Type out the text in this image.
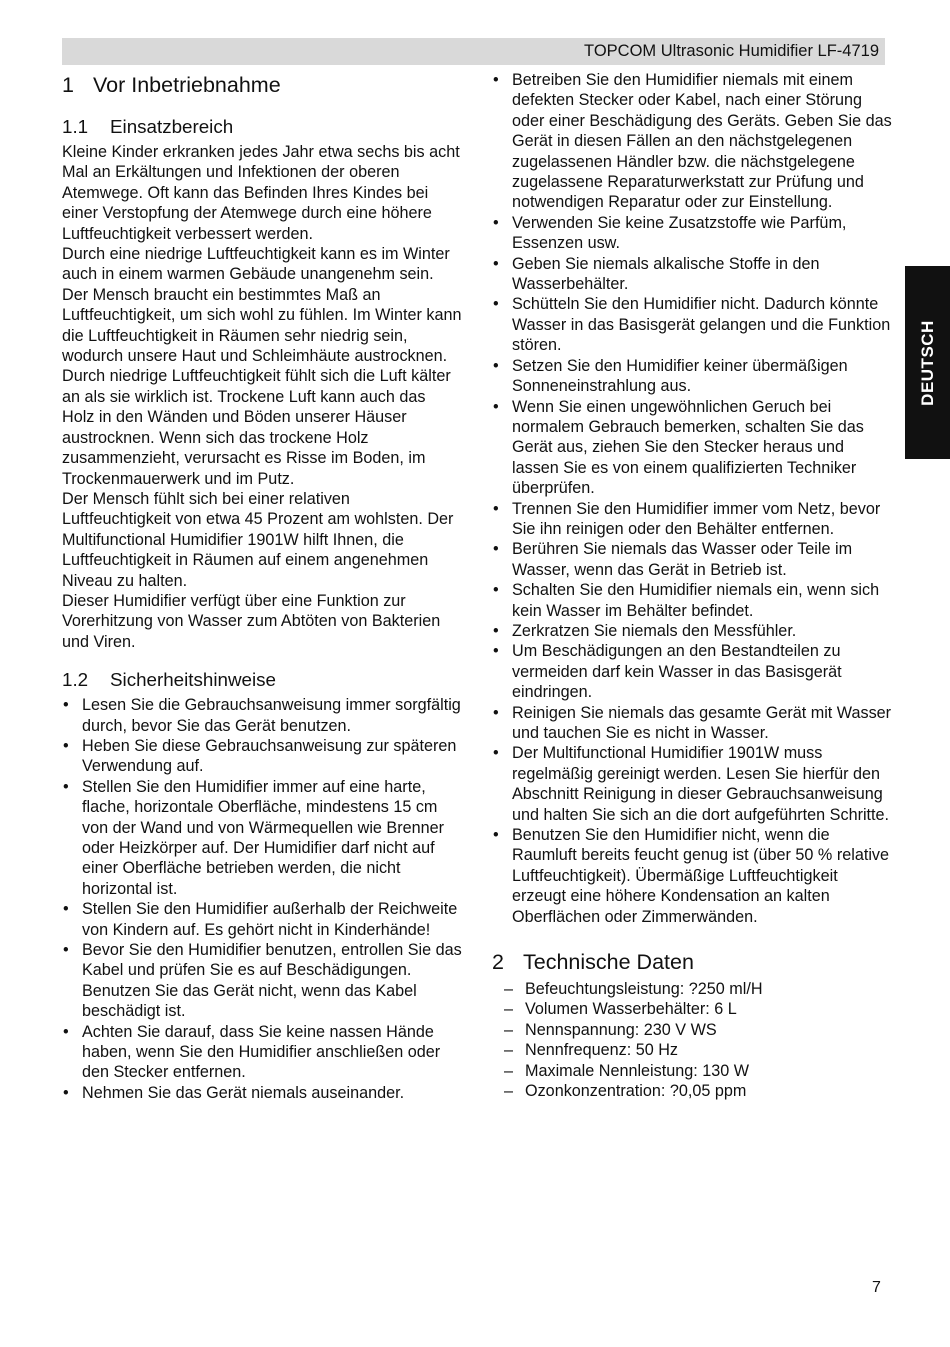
TOPCOM Ultrasonic Humidifier LF-4719
DEUTSCH
1 Vor Inbetriebnahme
1.1 Einsatzbereich

Kleine Kinder erkranken jedes Jahr etwa sechs bis acht Mal an Erkältungen und Infektionen der oberen Atemwege. Oft kann das Befinden Ihres Kindes bei einer Verstopfung der Atemwege durch eine höhere Luftfeuchtigkeit verbessert werden.

Durch eine niedrige Luftfeuchtigkeit kann es im Winter auch in einem warmen Gebäude unangenehm sein. Der Mensch braucht ein bestimmtes Maß an Luftfeuchtigkeit, um sich wohl zu fühlen. Im Winter kann die Luftfeuchtigkeit in Räumen sehr niedrig sein, wodurch unsere Haut und Schleimhäute austrocknen. Durch niedrige Luftfeuchtigkeit fühlt sich die Luft kälter an als sie wirklich ist. Trockene Luft kann auch das Holz in den Wänden und Böden unserer Häuser austrocknen. Wenn sich das trockene Holz zusammenzieht, verursacht es Risse im Boden, im Trockenmauerwerk und im Putz.

Der Mensch fühlt sich bei einer relativen Luftfeuchtigkeit von etwa 45 Prozent am wohlsten. Der Multifunctional Humidifier 1901W hilft Ihnen, die Luftfeuchtigkeit in Räumen auf einem angenehmen Niveau zu halten.

Dieser Humidifier verfügt über eine Funktion zur Vorerhitzung von Wasser zum Abtöten von Bakterien und Viren.

1.2 Sicherheitshinweise
• Lesen Sie die Gebrauchsanweisung immer sorgfältig durch, bevor Sie das Gerät benutzen.
• Heben Sie diese Gebrauchsanweisung zur späteren Verwendung auf.
• Stellen Sie den Humidifier immer auf eine harte, flache, horizontale Oberfläche, mindestens 15 cm von der Wand und von Wärmequellen wie Brenner oder Heizkörper auf. Der Humidifier darf nicht auf einer Oberfläche betrieben werden, die nicht horizontal ist.
• Stellen Sie den Humidifier außerhalb der Reichweite von Kindern auf. Es gehört nicht in Kinderhände!
• Bevor Sie den Humidifier benutzen, entrollen Sie das Kabel und prüfen Sie es auf Beschädigungen. Benutzen Sie das Gerät nicht, wenn das Kabel beschädigt ist.
• Achten Sie darauf, dass Sie keine nassen Hände haben, wenn Sie den Humidifier anschließen oder den Stecker entfernen.
• Nehmen Sie das Gerät niemals auseinander.
• Betreiben Sie den Humidifier niemals mit einem defekten Stecker oder Kabel, nach einer Störung oder einer Beschädigung des Geräts. Geben Sie das Gerät in diesen Fällen an den nächstgelegenen zugelassenen Händler bzw. die nächstgelegene zugelassene Reparaturwerkstatt zur Prüfung und notwendigen Reparatur oder zur Einstellung.
• Verwenden Sie keine Zusatzstoffe wie Parfüm, Essenzen usw.
• Geben Sie niemals alkalische Stoffe in den Wasserbehälter.
• Schütteln Sie den Humidifier nicht. Dadurch könnte Wasser in das Basisgerät gelangen und die Funktion stören.
• Setzen Sie den Humidifier keiner übermäßigen Sonneneinstrahlung aus.
• Wenn Sie einen ungewöhnlichen Geruch bei normalem Gebrauch bemerken, schalten Sie das Gerät aus, ziehen Sie den Stecker heraus und lassen Sie es von einem qualifizierten Techniker überprüfen.
• Trennen Sie den Humidifier immer vom Netz, bevor Sie ihn reinigen oder den Behälter entfernen.
• Berühren Sie niemals das Wasser oder Teile im Wasser, wenn das Gerät in Betrieb ist.
• Schalten Sie den Humidifier niemals ein, wenn sich kein Wasser im Behälter befindet.
• Zerkratzen Sie niemals den Messfühler.
• Um Beschädigungen an den Bestandteilen zu vermeiden darf kein Wasser in das Basisgerät eindringen.
• Reinigen Sie niemals das gesamte Gerät mit Wasser und tauchen Sie es nicht in Wasser.
• Der Multifunctional Humidifier 1901W muss regelmäßig gereinigt werden. Lesen Sie hierfür den Abschnitt Reinigung in dieser Gebrauchsanweisung und halten Sie sich an die dort aufgeführten Schritte.
• Benutzen Sie den Humidifier nicht, wenn die Raumluft bereits feucht genug ist (über 50 % relative Luftfeuchtigkeit). Übermäßige Luftfeuchtigkeit erzeugt eine höhere Kondensation an kalten Oberflächen oder Zimmerwänden.
2 Technische Daten
– Befeuchtungsleistung: ?250 ml/H
– Volumen Wasserbehälter: 6 L
– Nennspannung: 230 V WS
– Nennfrequenz: 50 Hz
– Maximale Nennleistung: 130 W
– Ozonkonzentration: ?0,05 ppm
7
